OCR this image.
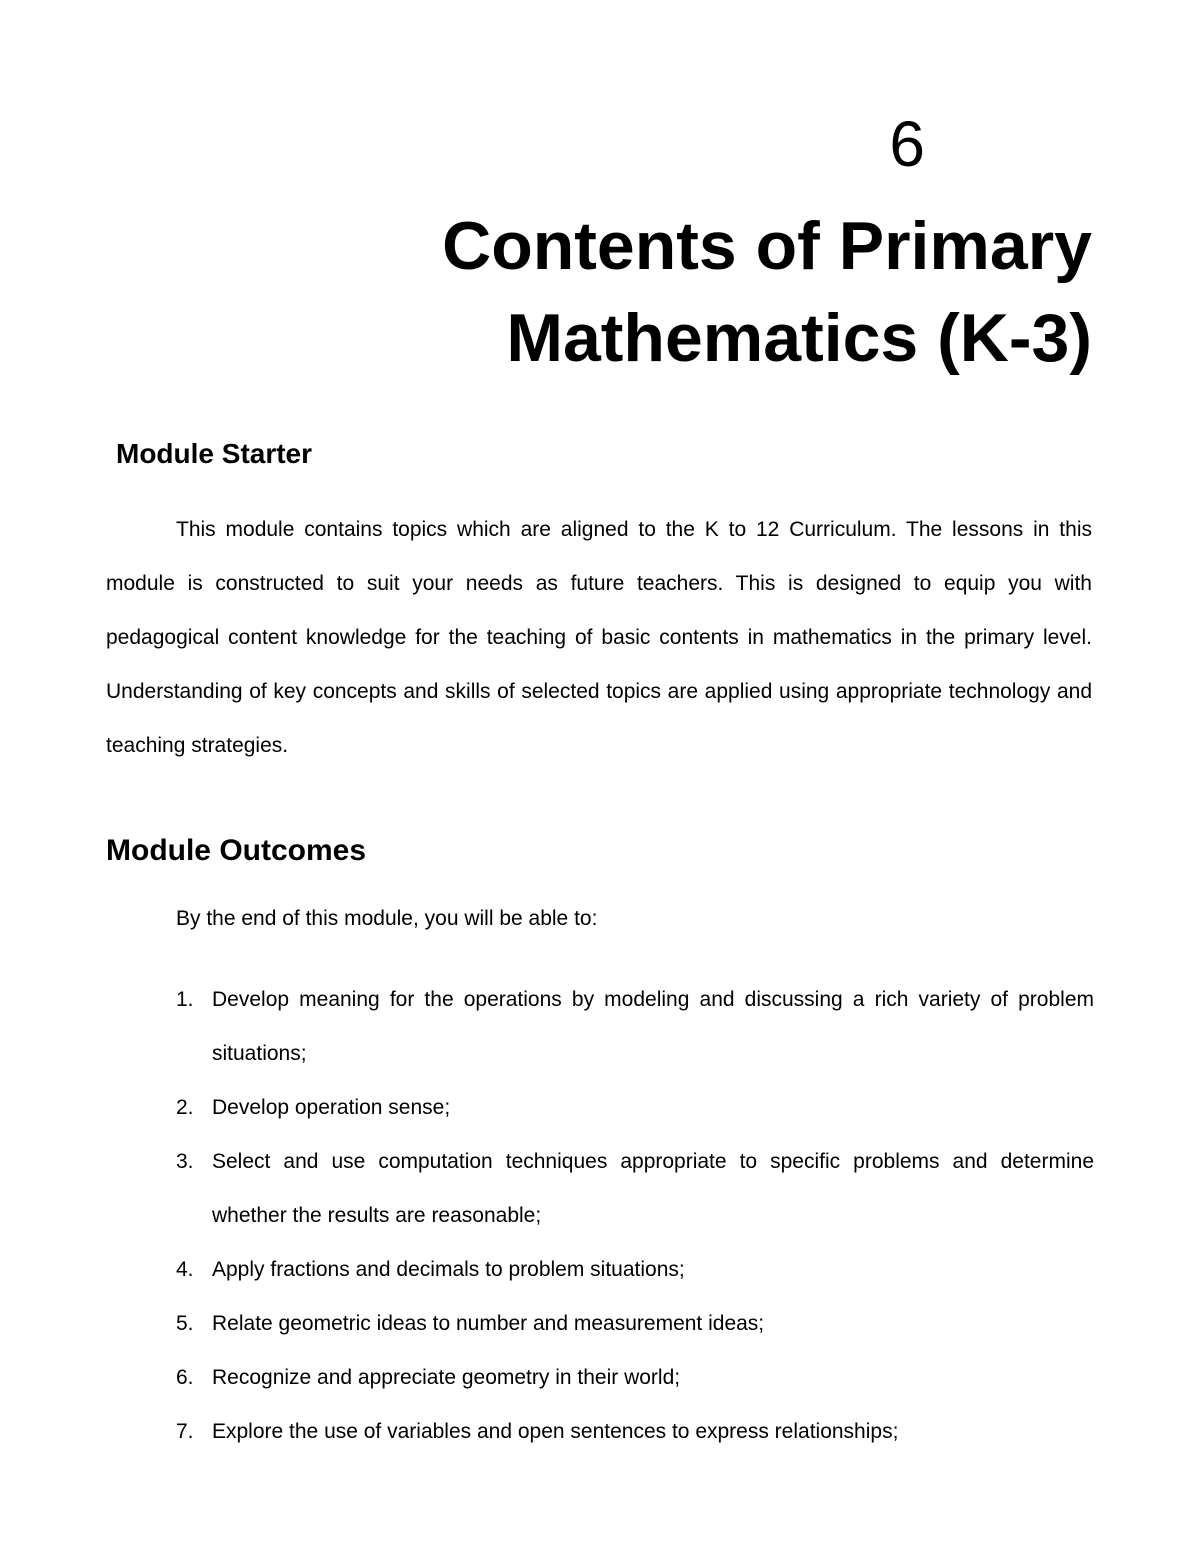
6
Contents of Primary
Mathematics (K-3)
Module Starter

This module contains topics which are aligned to the K to 12 Curriculum. The lessons in this module is constructed to suit your needs as future teachers. This is designed to equip you with pedagogical content knowledge for the teaching of basic contents in mathematics in the primary level. Understanding of key concepts and skills of selected topics are applied using appropriate technology and teaching strategies.

Module Outcomes

By the end of this module, you will be able to:

1. Develop meaning for the operations by modeling and discussing a rich variety of problem situations;
2. Develop operation sense;
3. Select and use computation techniques appropriate to specific problems and determine whether the results are reasonable;
4. Apply fractions and decimals to problem situations;
5. Relate geometric ideas to number and measurement ideas;
6. Recognize and appreciate geometry in their world;
7. Explore the use of variables and open sentences to express relationships;
